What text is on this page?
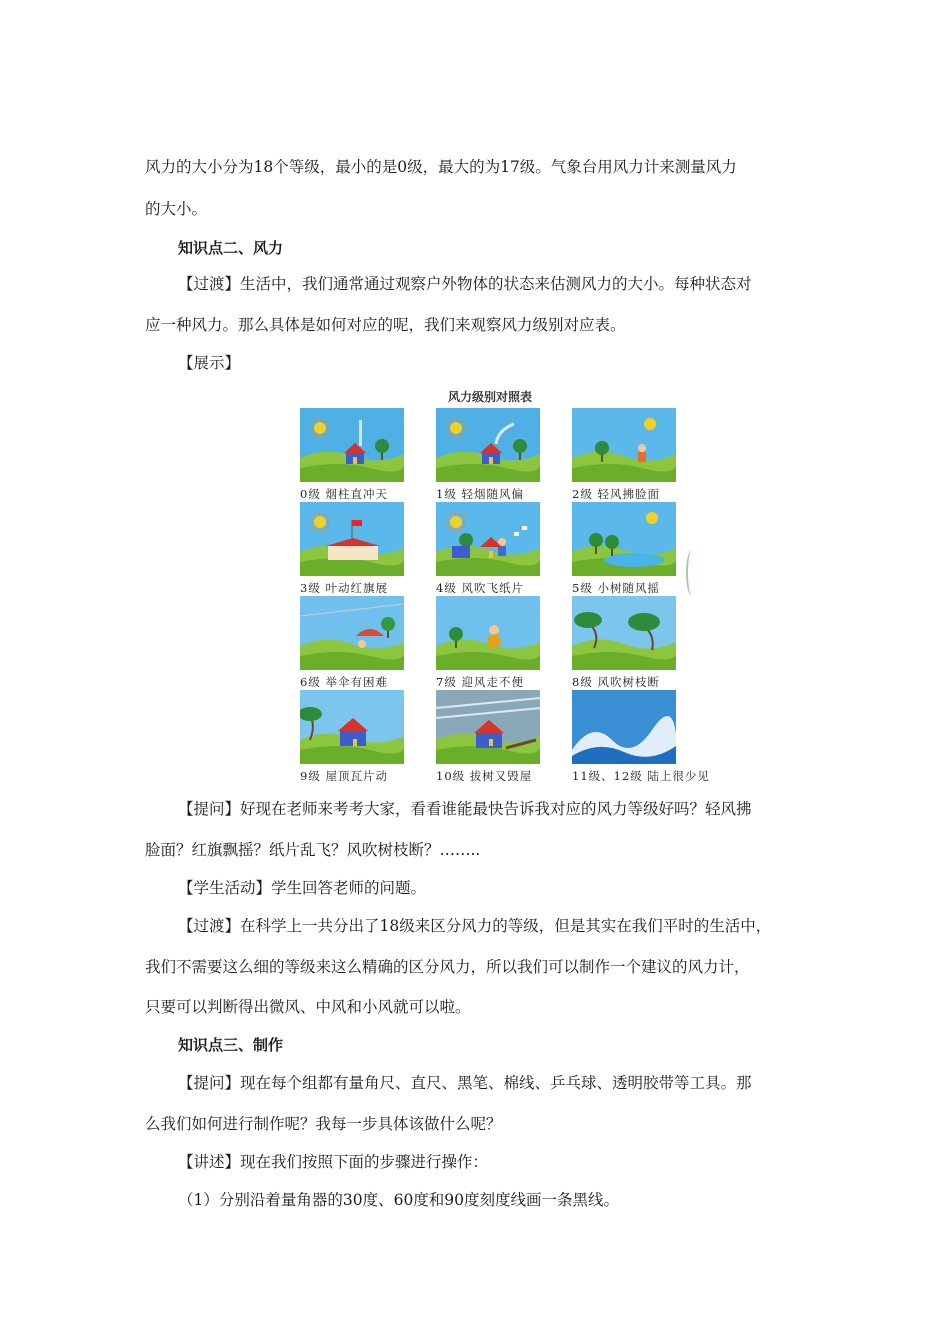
风力的大小分为18个等级，最小的是0级，最大的为17级。气象台用风力计来测量风力
的大小。
知识点二、风力
【过渡】生活中，我们通常通过观察户外物体的状态来估测风力的大小。每种状态对
应一种风力。那么具体是如何对应的呢，我们来观察风力级别对应表。
【展示】
风力级别对照表
0级 烟柱直冲天	1级 轻烟随风偏	2级 轻风拂脸面
3级 叶动红旗展	4级 风吹飞纸片	5级 小树随风摇
6级 举伞有困难	7级 迎风走不便	8级 风吹树枝断
9级 屋顶瓦片动	10级 拔树又毁屋	11级、12级 陆上很少见
【提问】好现在老师来考考大家，看看谁能最快告诉我对应的风力等级好吗？轻风拂
脸面？红旗飘摇？纸片乱飞？风吹树枝断？……..
【学生活动】学生回答老师的问题。
【过渡】在科学上一共分出了18级来区分风力的等级，但是其实在我们平时的生活中，
我们不需要这么细的等级来这么精确的区分风力，所以我们可以制作一个建议的风力计，
只要可以判断得出微风、中风和小风就可以啦。
知识点三、制作
【提问】现在每个组都有量角尺、直尺、黑笔、棉线、乒乓球、透明胶带等工具。那
么我们如何进行制作呢？我每一步具体该做什么呢？
【讲述】现在我们按照下面的步骤进行操作：
（1）分别沿着量角器的30度、60度和90度刻度线画一条黑线。
